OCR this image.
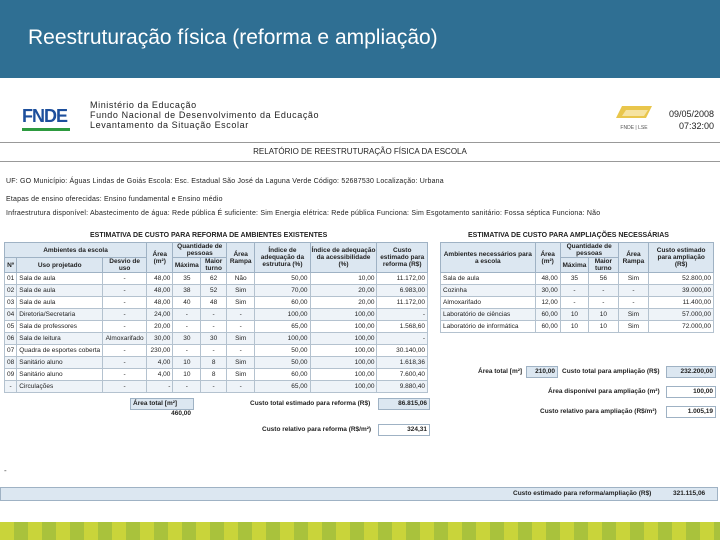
Reestruturação física (reforma e ampliação)
FNDE
Ministério da Educação
Fundo Nacional de Desenvolvimento da Educação
Levantamento da Situação Escolar	FNDE | LSE
09/05/2008
07:32:00
RELATÓRIO DE REESTRUTURAÇÃO FÍSICA DA ESCOLA
UF: GO Município: Águas Lindas de Goiás Escola: Esc. Estadual São José da Laguna Verde Código: 52687530 Localização: Urbana
Etapas de ensino oferecidas: Ensino fundamental e Ensino médio
Infraestrutura disponível: Abastecimento de água: Rede pública É suficiente: Sim Energia elétrica: Rede pública Funciona: Sim Esgotamento sanitário: Fossa séptica Funciona: Não
ESTIMATIVA DE CUSTO PARA REFORMA DE AMBIENTES EXISTENTES	ESTIMATIVA DE CUSTO PARA AMPLIAÇÕES NECESSÁRIAS
Ambientes da escola			Área (m²)	Quantidade de pessoas		Área Rampa	Índice de adequação da estrutura (%)	Índice de adequação da acessibilidade (%)	Custo estimado para reforma (R$)
Nº	Uso projetado	Desvio de uso		Máxima	Maior turno				
01	Sala de aula	-	48,00	35	62	Não	50,00	10,00	11.172,00
02	Sala de aula	-	48,00	38	52	Sim	70,00	20,00	6.983,00
03	Sala de aula	-	48,00	40	48	Sim	60,00	20,00	11.172,00
04	Diretoria/Secretaria	-	24,00	-	-	-	100,00	100,00	-
05	Sala de professores	-	20,00	-	-	-	65,00	100,00	1.568,60
06	Sala de leitura	Almoxarifado	30,00	30	30	Sim	100,00	100,00	-
07	Quadra de esportes coberta	-	230,00	-	-	-	50,00	100,00	30.140,00
08	Sanitário aluno	-	4,00	10	8	Sim	50,00	100,00	1.618,36
09	Sanitário aluno	-	4,00	10	8	Sim	60,00	100,00	7.600,40
-	Circulações	-	-	-	-	-	65,00	100,00	9.880,40
Área total [m²]
460,00
Custo total estimado para reforma (R$)	86.815,06
Custo relativo para reforma (R$/m²)	324,31
-
Ambientes necessários para a escola	Área (m²)	Quantidade de pessoas		Área Rampa	Custo estimado para ampliação (R$)
		Máxima	Maior turno		
Sala de aula	48,00	35	56	Sim	52.800,00
Cozinha	30,00	-	-	-	39.000,00
Almoxarifado	12,00	-	-	-	11.400,00
Laboratório de ciências	60,00	10	10	Sim	57.000,00
Laboratório de informática	60,00	10	10	Sim	72.000,00
Área total [m²]	210,00	Custo total para ampliação (R$)	232.200,00
Área disponível para ampliação (m²)	100,00
Custo relativo para ampliação (R$/m²)	1.005,19
Custo estimado para reforma/ampliação (R$)	321.115,06
